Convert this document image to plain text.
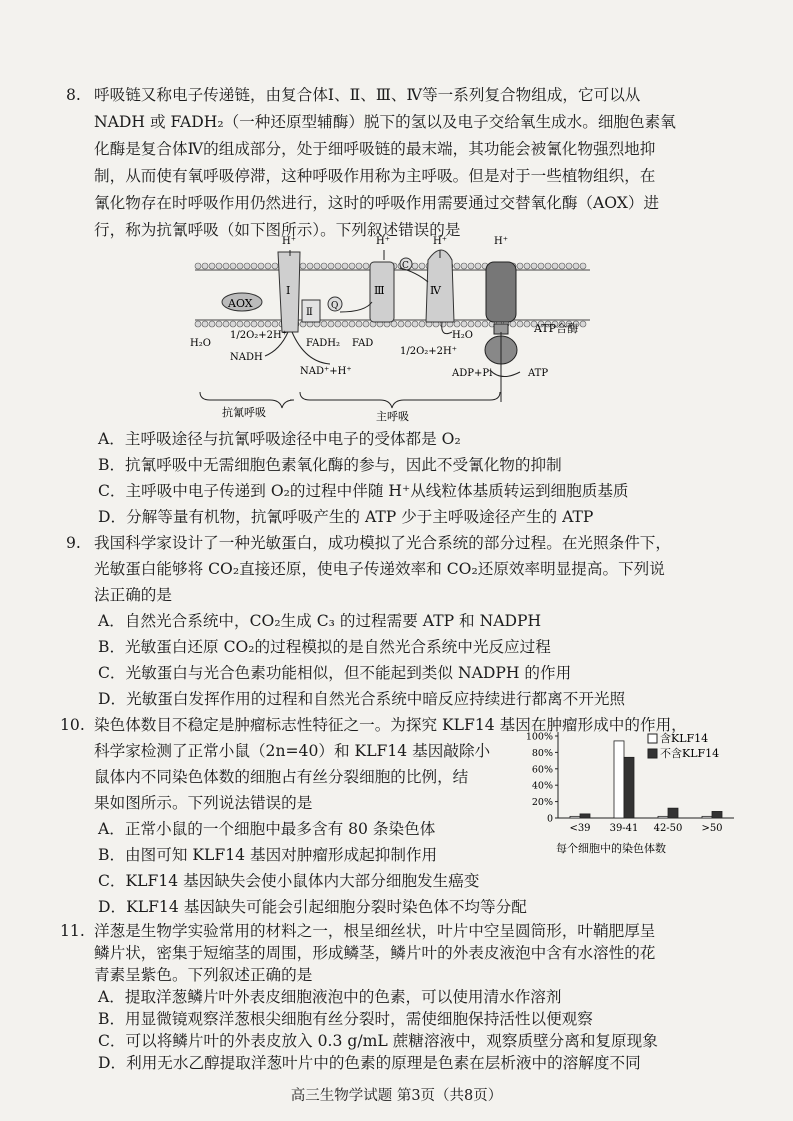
8. 呼吸链又称电子传递链，由复合体Ⅰ、Ⅱ、Ⅲ、Ⅳ等一系列复合物组成，它可以从
NADH 或 FADH₂（一种还原型辅酶）脱下的氢以及电子交给氧生成水。细胞色素氧
化酶是复合体Ⅳ的组成部分，处于细呼吸链的最末端，其功能会被氰化物强烈地抑
制，从而使有氧呼吸停滞，这种呼吸作用称为主呼吸。但是对于一些植物组织，在
氰化物存在时呼吸作用仍然进行，这时的呼吸作用需要通过交替氧化酶（AOX）进
行，称为抗氰呼吸（如下图所示）。下列叙述错误的是
AOX
Ⅰ
Ⅱ
Q
Ⅲ
C
Ⅳ
ATP合酶
H⁺	H⁺	H⁺	H⁺
1/2O₂+2H⁺
H₂O
NADH
FADH₂ FAD
NAD⁺+H⁺
1/2O₂+2H⁺
H₂O
ADP+Pi	ATP
抗氰呼吸	主呼吸
A．主呼吸途径与抗氰呼吸途径中电子的受体都是 O₂
B．抗氰呼吸中无需细胞色素氧化酶的参与，因此不受氰化物的抑制
C．主呼吸中电子传递到 O₂的过程中伴随 H⁺从线粒体基质转运到细胞质基质
D．分解等量有机物，抗氰呼吸产生的 ATP 少于主呼吸途径产生的 ATP
9. 我国科学家设计了一种光敏蛋白，成功模拟了光合系统的部分过程。在光照条件下，
光敏蛋白能够将 CO₂直接还原，使电子传递效率和 CO₂还原效率明显提高。下列说
法正确的是
A．自然光合系统中，CO₂生成 C₃ 的过程需要 ATP 和 NADPH
B．光敏蛋白还原 CO₂的过程模拟的是自然光合系统中光反应过程
C．光敏蛋白与光合色素功能相似，但不能起到类似 NADPH 的作用
D．光敏蛋白发挥作用的过程和自然光合系统中暗反应持续进行都离不开光照
10. 染色体数目不稳定是肿瘤标志性特征之一。为探究 KLF14 基因在肿瘤形成中的作用，
科学家检测了正常小鼠（2n=40）和 KLF14 基因敲除小
鼠体内不同染色体数的细胞占有丝分裂细胞的比例，结
果如图所示。下列说法错误的是
A．正常小鼠的一个细胞中最多含有 80 条染色体
B．由图可知 KLF14 基因对肿瘤形成起抑制作用
C．KLF14 基因缺失会使小鼠体内大部分细胞发生癌变
D．KLF14 基因缺失可能会引起细胞分裂时染色体不均等分配
0
20%
40%
60%
80%
100%
<39 39-41 42-50 >50
含KLF14
不含KLF14
每个细胞中的染色体数
11. 洋葱是生物学实验常用的材料之一，根呈细丝状，叶片中空呈圆筒形，叶鞘肥厚呈
鳞片状，密集于短缩茎的周围，形成鳞茎，鳞片叶的外表皮液泡中含有水溶性的花
青素呈紫色。下列叙述正确的是
A．提取洋葱鳞片叶外表皮细胞液泡中的色素，可以使用清水作溶剂
B．用显微镜观察洋葱根尖细胞有丝分裂时，需使细胞保持活性以便观察
C．可以将鳞片叶的外表皮放入 0.3 g/mL 蔗糖溶液中，观察质壁分离和复原现象
D．利用无水乙醇提取洋葱叶片中的色素的原理是色素在层析液中的溶解度不同
高三生物学试题 第3页（共8页）
